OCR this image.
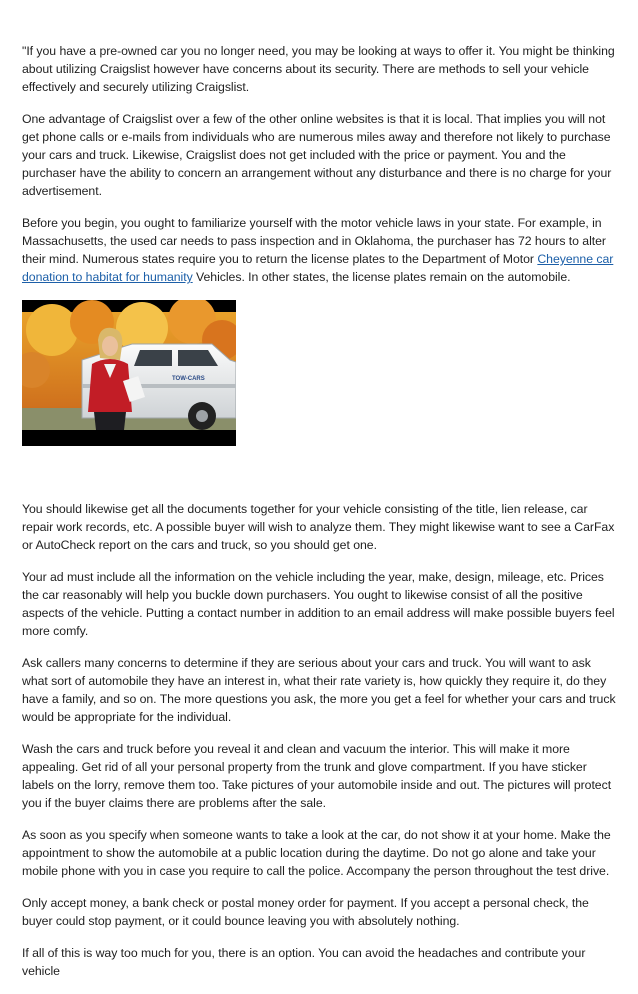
"If you have a pre-owned car you no longer need, you may be looking at ways to offer it. You might be thinking about utilizing Craigslist however have concerns about its security. There are methods to sell your vehicle effectively and securely utilizing Craigslist.

One advantage of Craigslist over a few of the other online websites is that it is local. That implies you will not get phone calls or e-mails from individuals who are numerous miles away and therefore not likely to purchase your cars and truck. Likewise, Craigslist does not get included with the price or payment. You and the purchaser have the ability to concern an arrangement without any disturbance and there is no charge for your advertisement.

Before you begin, you ought to familiarize yourself with the motor vehicle laws in your state. For example, in Massachusetts, the used car needs to pass inspection and in Oklahoma, the purchaser has 72 hours to alter their mind. Numerous states require you to return the license plates to the Department of Motor Cheyenne car donation to habitat for humanity Vehicles. In other states, the license plates remain on the automobile.

TOW-CARS

You should likewise get all the documents together for your vehicle consisting of the title, lien release, car repair work records, etc. A possible buyer will wish to analyze them. They might likewise want to see a CarFax or AutoCheck report on the cars and truck, so you should get one.

Your ad must include all the information on the vehicle including the year, make, design, mileage, etc. Prices the car reasonably will help you buckle down purchasers. You ought to likewise consist of all the positive aspects of the vehicle. Putting a contact number in addition to an email address will make possible buyers feel more comfy.

Ask callers many concerns to determine if they are serious about your cars and truck. You will want to ask what sort of automobile they have an interest in, what their rate variety is, how quickly they require it, do they have a family, and so on. The more questions you ask, the more you get a feel for whether your cars and truck would be appropriate for the individual.

Wash the cars and truck before you reveal it and clean and vacuum the interior. This will make it more appealing. Get rid of all your personal property from the trunk and glove compartment. If you have sticker labels on the lorry, remove them too. Take pictures of your automobile inside and out. The pictures will protect you if the buyer claims there are problems after the sale.

As soon as you specify when someone wants to take a look at the car, do not show it at your home. Make the appointment to show the automobile at a public location during the daytime. Do not go alone and take your mobile phone with you in case you require to call the police. Accompany the person throughout the test drive.

Only accept money, a bank check or postal money order for payment. If you accept a personal check, the buyer could stop payment, or it could bounce leaving you with absolutely nothing.

If all of this is way too much for you, there is an option. You can avoid the headaches and contribute your vehicle
